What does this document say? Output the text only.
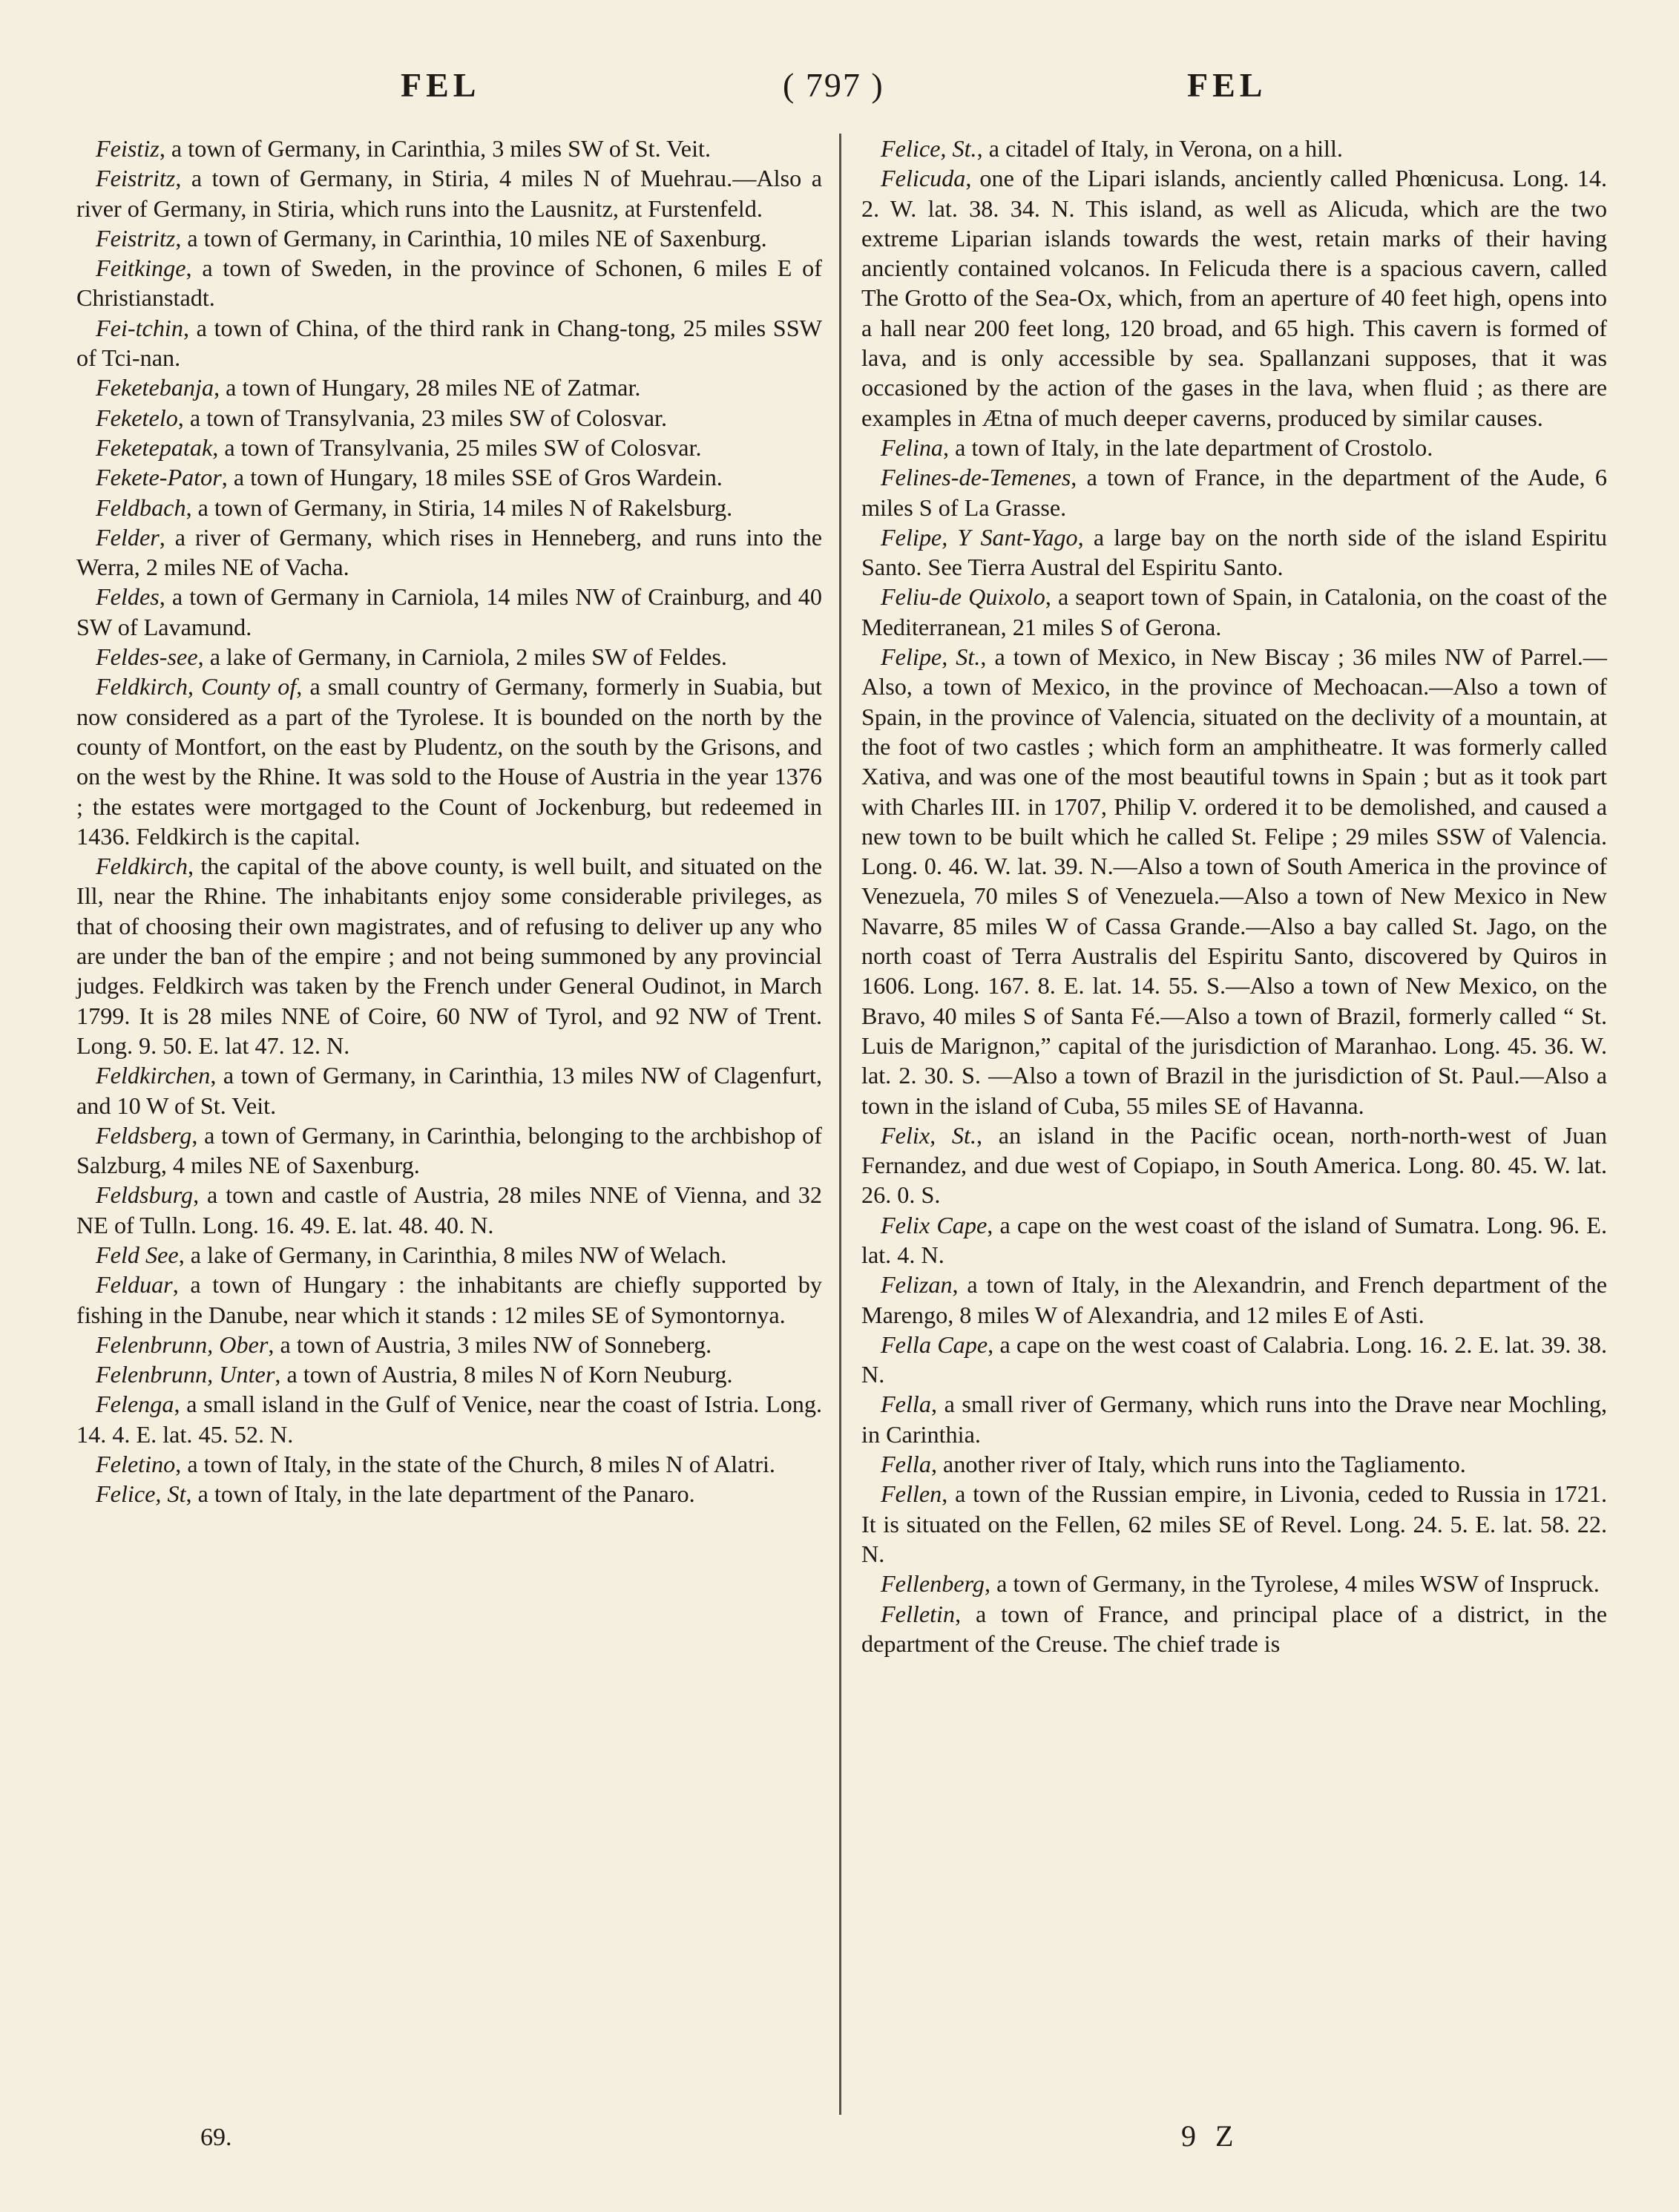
FEL	( 797 )	FEL

Feistiz, a town of Germany, in Carinthia, 3 miles SW of St. Veit.

Feistritz, a town of Germany, in Stiria, 4 miles N of Muehrau.—Also a river of Germany, in Stiria, which runs into the Lausnitz, at Furstenfeld.

Feistritz, a town of Germany, in Carinthia, 10 miles NE of Saxenburg.

Feitkinge, a town of Sweden, in the province of Schonen, 6 miles E of Christianstadt.

Fei-tchin, a town of China, of the third rank in Chang-tong, 25 miles SSW of Tci-nan.

Feketebanja, a town of Hungary, 28 miles NE of Zatmar.

Feketelo, a town of Transylvania, 23 miles SW of Colosvar.

Feketepatak, a town of Transylvania, 25 miles SW of Colosvar.

Fekete-Pator, a town of Hungary, 18 miles SSE of Gros Wardein.

Feldbach, a town of Germany, in Stiria, 14 miles N of Rakelsburg.

Felder, a river of Germany, which rises in Henneberg, and runs into the Werra, 2 miles NE of Vacha.

Feldes, a town of Germany in Carniola, 14 miles NW of Crainburg, and 40 SW of Lavamund.

Feldes-see, a lake of Germany, in Carniola, 2 miles SW of Feldes.

Feldkirch, County of, a small country of Germany, formerly in Suabia, but now considered as a part of the Tyrolese. It is bounded on the north by the county of Montfort, on the east by Pludentz, on the south by the Grisons, and on the west by the Rhine. It was sold to the House of Austria in the year 1376 ; the estates were mortgaged to the Count of Jockenburg, but redeemed in 1436. Feldkirch is the capital.

Feldkirch, the capital of the above county, is well built, and situated on the Ill, near the Rhine. The inhabitants enjoy some considerable privileges, as that of choosing their own magistrates, and of refusing to deliver up any who are under the ban of the empire ; and not being summoned by any provincial judges. Feldkirch was taken by the French under General Oudinot, in March 1799. It is 28 miles NNE of Coire, 60 NW of Tyrol, and 92 NW of Trent. Long. 9. 50. E. lat 47. 12. N.

Feldkirchen, a town of Germany, in Carinthia, 13 miles NW of Clagenfurt, and 10 W of St. Veit.

Feldsberg, a town of Germany, in Carinthia, belonging to the archbishop of Salzburg, 4 miles NE of Saxenburg.

Feldsburg, a town and castle of Austria, 28 miles NNE of Vienna, and 32 NE of Tulln. Long. 16. 49. E. lat. 48. 40. N.

Feld See, a lake of Germany, in Carinthia, 8 miles NW of Welach.

Felduar, a town of Hungary : the inhabitants are chiefly supported by fishing in the Danube, near which it stands : 12 miles SE of Symontornya.

Felenbrunn, Ober, a town of Austria, 3 miles NW of Sonneberg.

Felenbrunn, Unter, a town of Austria, 8 miles N of Korn Neuburg.

Felenga, a small island in the Gulf of Venice, near the coast of Istria. Long. 14. 4. E. lat. 45. 52. N.

Feletino, a town of Italy, in the state of the Church, 8 miles N of Alatri.

Felice, St, a town of Italy, in the late department of the Panaro.

Felice, St., a citadel of Italy, in Verona, on a hill.

Felicuda, one of the Lipari islands, anciently called Phœnicusa. Long. 14. 2. W. lat. 38. 34. N. This island, as well as Alicuda, which are the two extreme Liparian islands towards the west, retain marks of their having anciently contained volcanos. In Felicuda there is a spacious cavern, called The Grotto of the Sea-Ox, which, from an aperture of 40 feet high, opens into a hall near 200 feet long, 120 broad, and 65 high. This cavern is formed of lava, and is only accessible by sea. Spallanzani supposes, that it was occasioned by the action of the gases in the lava, when fluid ; as there are examples in Ætna of much deeper caverns, produced by similar causes.

Felina, a town of Italy, in the late department of Crostolo.

Felines-de-Temenes, a town of France, in the department of the Aude, 6 miles S of La Grasse.

Felipe, Y Sant-Yago, a large bay on the north side of the island Espiritu Santo. See Tierra Austral del Espiritu Santo.

Feliu-de Quixolo, a seaport town of Spain, in Catalonia, on the coast of the Mediterranean, 21 miles S of Gerona.

Felipe, St., a town of Mexico, in New Biscay ; 36 miles NW of Parrel.—Also, a town of Mexico, in the province of Mechoacan.—Also a town of Spain, in the province of Valencia, situated on the declivity of a mountain, at the foot of two castles ; which form an amphitheatre. It was formerly called Xativa, and was one of the most beautiful towns in Spain ; but as it took part with Charles III. in 1707, Philip V. ordered it to be demolished, and caused a new town to be built which he called St. Felipe ; 29 miles SSW of Valencia. Long. 0. 46. W. lat. 39. N.—Also a town of South America in the province of Venezuela, 70 miles S of Venezuela.—Also a town of New Mexico in New Navarre, 85 miles W of Cassa Grande.—Also a bay called St. Jago, on the north coast of Terra Australis del Espiritu Santo, discovered by Quiros in 1606. Long. 167. 8. E. lat. 14. 55. S.—Also a town of New Mexico, on the Bravo, 40 miles S of Santa Fé.—Also a town of Brazil, formerly called “ St. Luis de Marignon,” capital of the jurisdiction of Maranhao. Long. 45. 36. W. lat. 2. 30. S. —Also a town of Brazil in the jurisdiction of St. Paul.—Also a town in the island of Cuba, 55 miles SE of Havanna.

Felix, St., an island in the Pacific ocean, north-north-west of Juan Fernandez, and due west of Copiapo, in South America. Long. 80. 45. W. lat. 26. 0. S.

Felix Cape, a cape on the west coast of the island of Sumatra. Long. 96. E. lat. 4. N.

Felizan, a town of Italy, in the Alexandrin, and French department of the Marengo, 8 miles W of Alexandria, and 12 miles E of Asti.

Fella Cape, a cape on the west coast of Calabria. Long. 16. 2. E. lat. 39. 38. N.

Fella, a small river of Germany, which runs into the Drave near Mochling, in Carinthia.

Fella, another river of Italy, which runs into the Tagliamento.

Fellen, a town of the Russian empire, in Livonia, ceded to Russia in 1721. It is situated on the Fellen, 62 miles SE of Revel. Long. 24. 5. E. lat. 58. 22. N.

Fellenberg, a town of Germany, in the Tyrolese, 4 miles WSW of Inspruck.

Felletin, a town of France, and principal place of a district, in the department of the Creuse. The chief trade is

69.	9 Z
